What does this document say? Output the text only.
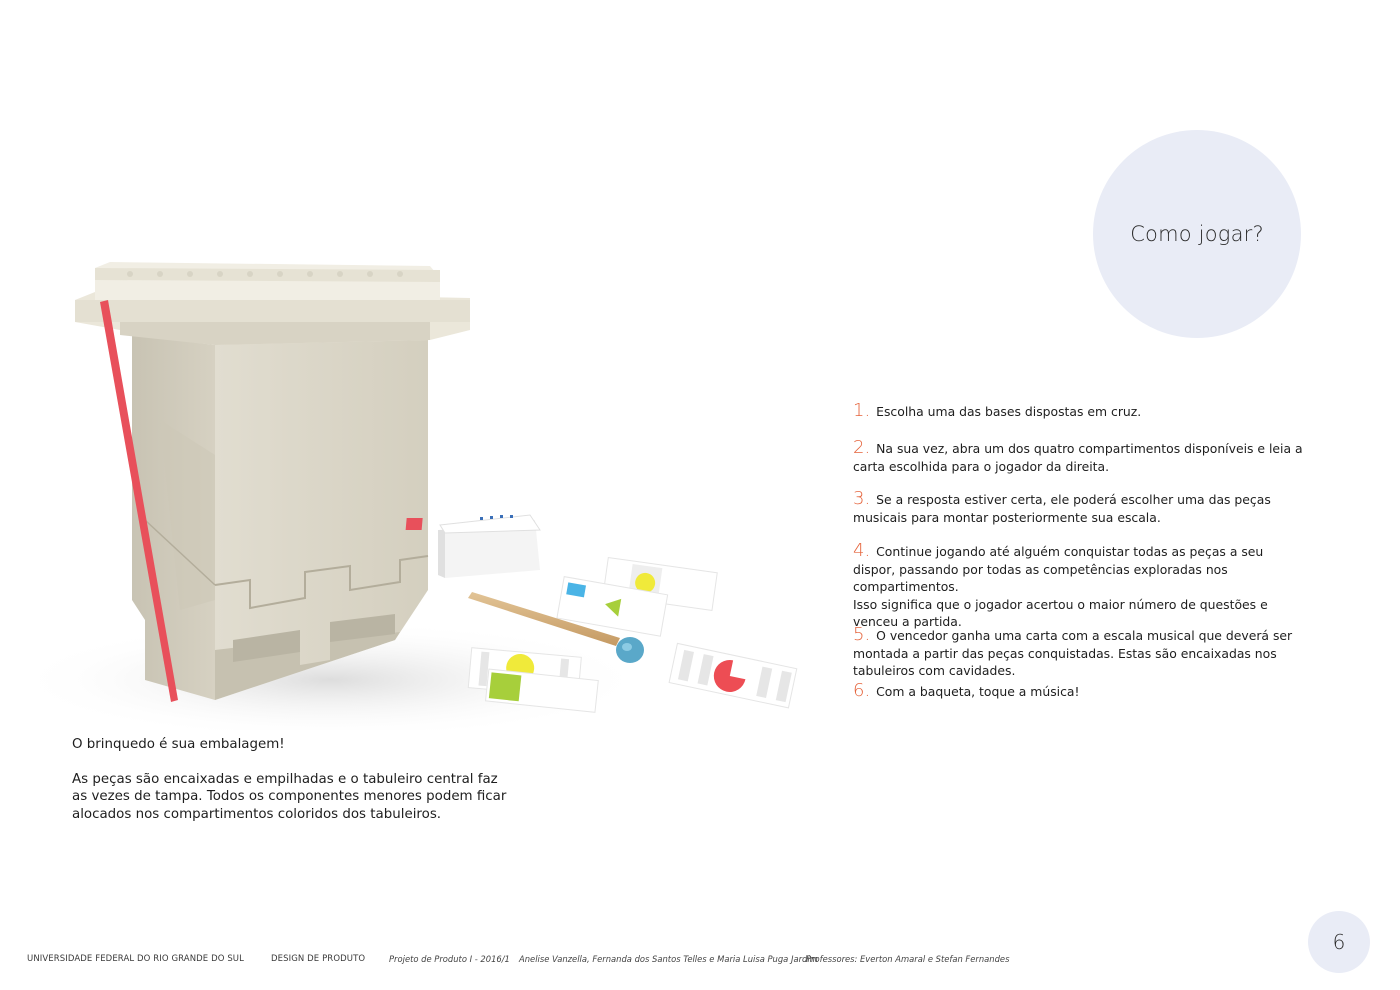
Como jogar?
1. Escolha uma das bases dispostas em cruz.
2. Na sua vez, abra um dos quatro compartimentos disponíveis e leia a carta escolhida para o jogador da direita.
3. Se a resposta estiver certa, ele poderá escolher uma das peças musicais para montar posteriormente sua escala.
4. Continue jogando até alguém conquistar todas as peças a seu dispor, passando por todas as competências exploradas nos compartimentos.
Isso significa que o jogador acertou o maior número de questões e venceu a partida.
5. O vencedor ganha uma carta com a escala musical que deverá ser montada a partir das peças conquistadas. Estas são encaixadas nos tabuleiros com cavidades.
6. Com a baqueta, toque a música!

O brinquedo é sua embalagem!

As peças são encaixadas e empilhadas e o tabuleiro central faz as vezes de tampa. Todos os componentes menores podem ficar alocados nos compartimentos coloridos dos tabuleiros.

UNIVERSIDADE FEDERAL DO RIO GRANDE DO SUL	DESIGN DE PRODUTO	Projeto de Produto I - 2016/1 Anelise Vanzella, Fernanda dos Santos Telles e Maria Luisa Puga Jardim
Professores: Everton Amaral e Stefan Fernandes
6
